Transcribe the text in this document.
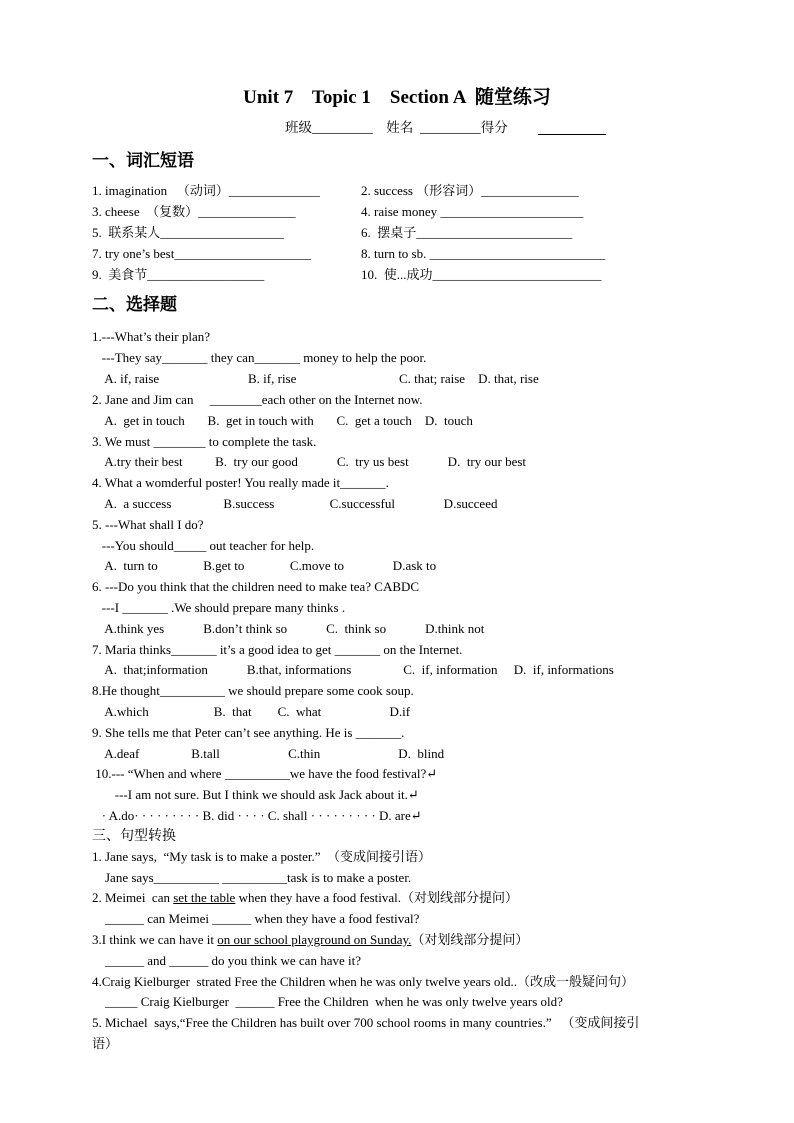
Unit 7    Topic 1    Section A  随堂练习
班级_________    姓名  _________得分
一、词汇短语
1. imagination   （动词）______________
3. cheese  （复数）_______________
5.  联系某人___________________
7. try one’s best_____________________
9.  美食节__________________
2. success （形容词）_______________
4. raise money ______________________
6.  摆桌子________________________
8. turn to sb. ___________________________
10.  使...成功__________________________
二、选择题
1.---What’s their plan?
---They say_______ they can_______ money to help the poor.
A. if, raise	B. if, rise	C. that; raise    D. that, rise
2. Jane and Jim can     ________each other on the Internet now.
A.  get in touch       B.  get in touch with       C.  get a touch    D.  touch
3. We must ________ to complete the task.
A.try their best          B.  try our good            C.  try us best            D.  try our best
4. What a womderful poster! You really made it_______.
A.  a success                B.success                 C.successful               D.succeed
5. ---What shall I do?
---You should_____ out teacher for help.
A.  turn to              B.get to              C.move to               D.ask to
6. ---Do you think that the children need to make tea? CABDC
---I _______ .We should prepare many thinks .
A.think yes            B.don’t think so            C.  think so            D.think not
7. Maria thinks_______ it’s a good idea to get _______ on the Internet.
A.  that;information            B.that, informations                C.  if, information     D.  if, informations
8.He thought__________ we should prepare some cook soup.
A.which                    B.  that        C.  what                     D.if
9. She tells me that Peter can’t see anything. He is _______.
A.deaf                B.tall                     C.thin                        D.  blind
10.--- “When and where __________we have the food festival?↵
---I am not sure. But I think we should ask Jack about it.↵
· A.do· · · · · · · · · B. did · · · · C. shall · · · · · · · · · D. are↵
三、句型转换
1. Jane says,  “My task is to make a poster.”  （变成间接引语）
Jane says__________ __________task is to make a poster.
2. Meimei  can set the table when they have a food festival.（对划线部分提问）
______ can Meimei ______ when they have a food festival?
3.I think we can have it on our school playground on Sunday.（对划线部分提问）
______ and ______ do you think we can have it?
4.Craig Kielburger  strated Free the Children when he was only twelve years old..（改成一般疑问句）
_____ Craig Kielburger  ______ Free the Children  when he was only twelve years old?
5. Michael  says,“Free the Children has built over 700 school rooms in many countries.”   （变成间接引
语）
